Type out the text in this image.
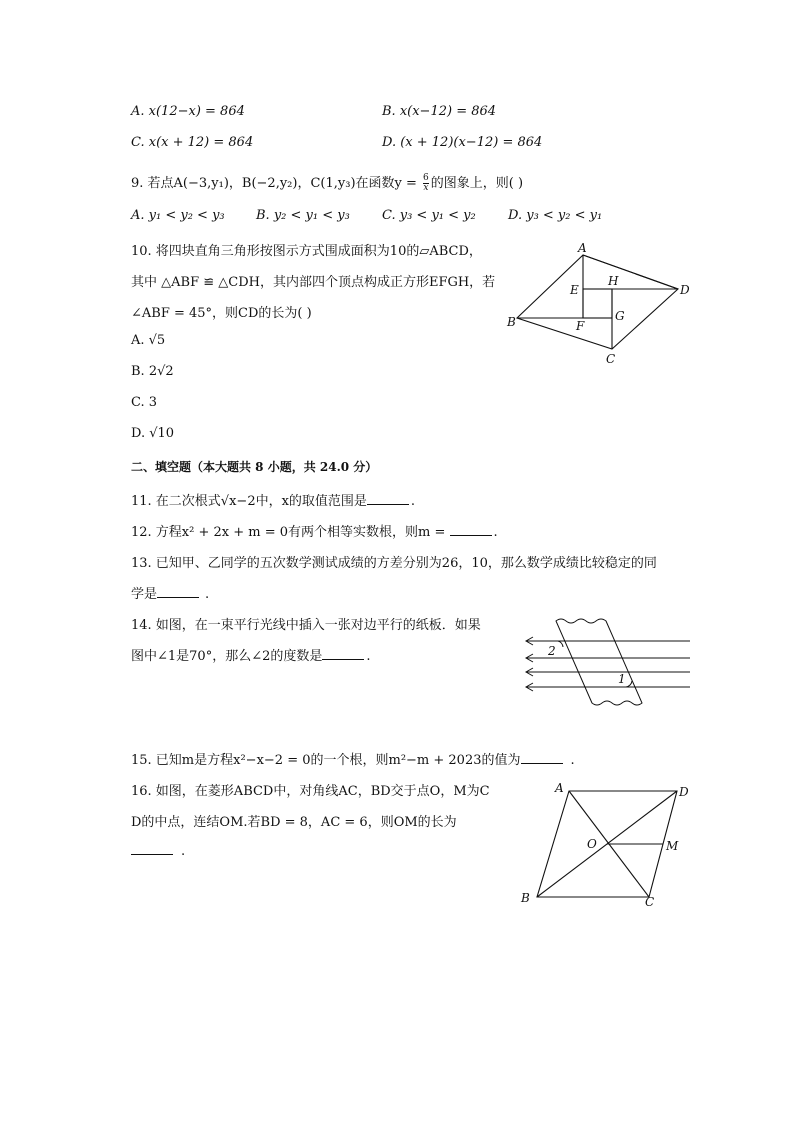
A. x(12−x) = 864	B. x(x−12) = 864
C. x(x + 12) = 864	D. (x + 12)(x−12) = 864
9. 若点A(−3,y₁)，B(−2,y₂)，C(1,y₃)在函数$y = \frac{6}{x}$ 的图象上，则( )
A. y₁ < y₂ < y₃ B. y₂ < y₁ < y₃ C. y₃ < y₁ < y₂ D. y₃ < y₂ < y₁
10. 将四块直角三角形按图示方式围成面积为10的▱ABCD，
其中 △ABF ≌ △CDH，其内部四个顶点构成正方形EFGH，若
∠ABF = 45°，则CD的长为( )
A. √5
B. 2√2
C. 3
D. √10
A
B
C
D
E
F
G
H
二、填空题（本大题共 8 小题，共 24.0 分）
11. 在二次根式√x−2中，x的取值范围是	.
12. 方程x² + 2x + m = 0有两个相等实数根，则m =	.
13. 已知甲、乙同学的五次数学测试成绩的方差分别为26，10，那么数学成绩比较稳定的同
学是	.
14. 如图，在一束平行光线中插入一张对边平行的纸板．如果
图中∠1是70°，那么∠2的度数是	.	2
1
15. 已知m是方程x²−x−2 = 0的一个根，则m²−m + 2023的值为	.
16. 如图，在菱形ABCD中，对角线AC，BD交于点O，M为C
D的中点，连结OM.若BD = 8，AC = 6，则OM的长为
.
A
B	C
D
O	M
